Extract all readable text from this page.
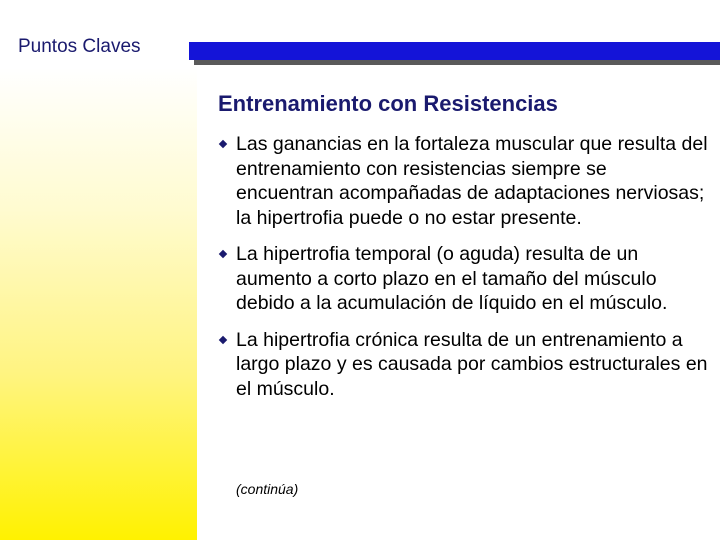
Puntos Claves
Entrenamiento con Resistencias
Las ganancias en la fortaleza muscular que resulta del entrenamiento con resistencias siempre se encuentran acompañadas de adaptaciones nerviosas; la hipertrofia puede o no estar presente.
La hipertrofia temporal (o aguda) resulta de un aumento a corto plazo en el tamaño del músculo debido a la acumulación de líquido en el músculo.
La hipertrofia crónica resulta de un entrenamiento a largo plazo y es causada por cambios estructurales en el músculo.
(continúa)
